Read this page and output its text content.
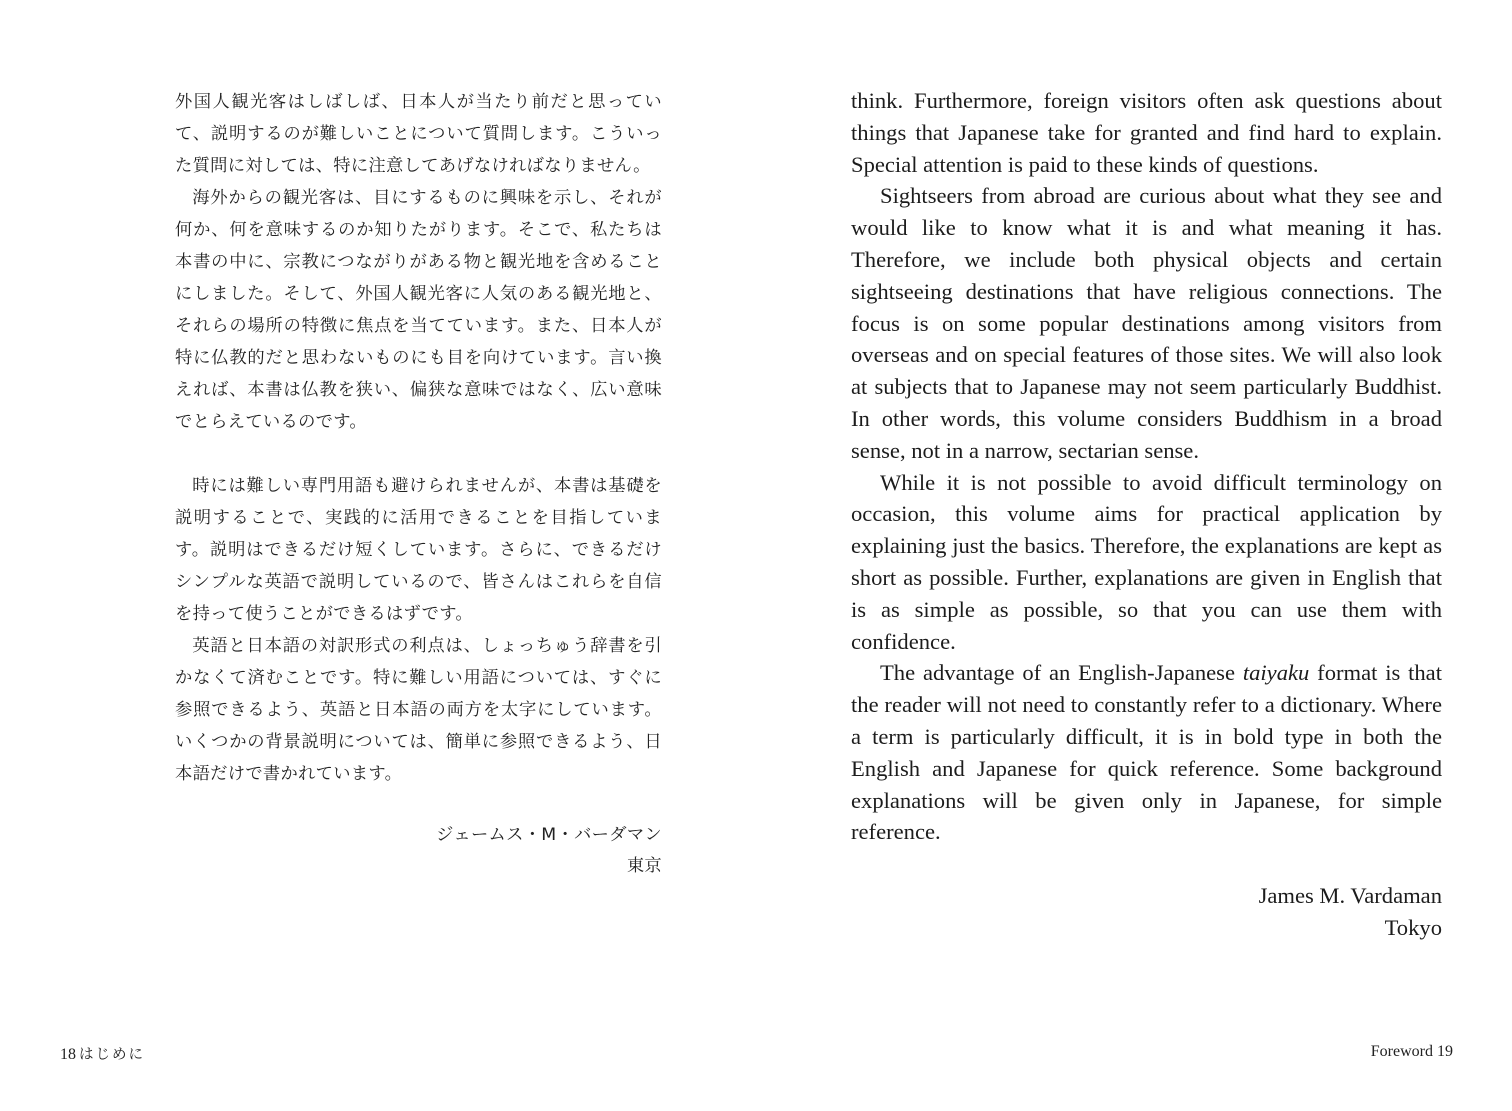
外国人観光客はしばしば、日本人が当たり前だと思っていて、説明するのが難しいことについて質問します。こういった質問に対しては、特に注意してあげなければなりません。

海外からの観光客は、目にするものに興味を示し、それが何か、何を意味するのか知りたがります。そこで、私たちは本書の中に、宗教につながりがある物と観光地を含めることにしました。そして、外国人観光客に人気のある観光地と、それらの場所の特徴に焦点を当てています。また、日本人が特に仏教的だと思わないものにも目を向けています。言い換えれば、本書は仏教を狭い、偏狭な意味ではなく、広い意味でとらえているのです。

時には難しい専門用語も避けられませんが、本書は基礎を説明することで、実践的に活用できることを目指しています。説明はできるだけ短くしています。さらに、できるだけシンプルな英語で説明しているので、皆さんはこれらを自信を持って使うことができるはずです。

英語と日本語の対訳形式の利点は、しょっちゅう辞書を引かなくて済むことです。特に難しい用語については、すぐに参照できるよう、英語と日本語の両方を太字にしています。いくつかの背景説明については、簡単に参照できるよう、日本語だけで書かれています。

ジェームス・M・バーダマン
東京
18 はじめに

think. Furthermore, foreign visitors often ask questions about things that Japanese take for granted and find hard to explain. Special attention is paid to these kinds of questions.

Sightseers from abroad are curious about what they see and would like to know what it is and what meaning it has. Therefore, we include both physical objects and certain sightseeing destinations that have religious connections. The focus is on some popular destinations among visitors from overseas and on special features of those sites. We will also look at subjects that to Japanese may not seem particularly Buddhist. In other words, this volume considers Buddhism in a broad sense, not in a narrow, sectarian sense.

While it is not possible to avoid difficult terminology on occasion, this volume aims for practical application by explaining just the basics. Therefore, the explanations are kept as short as possible. Further, explanations are given in English that is as simple as possible, so that you can use them with confidence.

The advantage of an English-Japanese taiyaku format is that the reader will not need to constantly refer to a dictionary. Where a term is particularly difficult, it is in bold type in both the English and Japanese for quick reference. Some background explanations will be given only in Japanese, for simple reference.

James M. Vardaman
Tokyo
Foreword 19
